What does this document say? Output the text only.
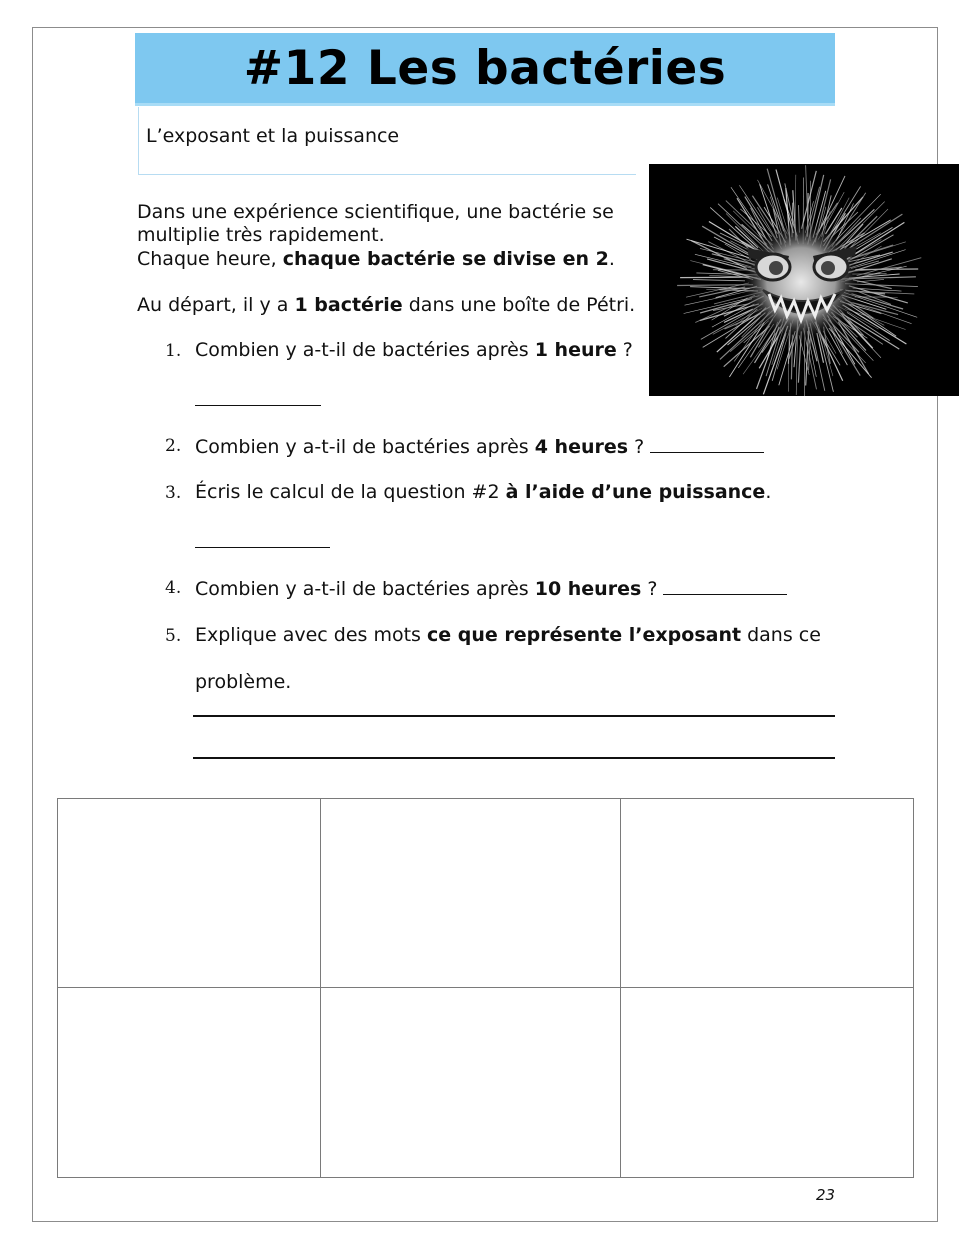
#12 Les bactéries
L’exposant et la puissance
Dans une expérience scientifique, une bactérie se
multiplie très rapidement.
Chaque heure, chaque bactérie se divise en 2.
Au départ, il y a 1 bactérie dans une boîte de Pétri.
1. Combien y a-t-il de bactéries après 1 heure ?
2. Combien y a-t-il de bactéries après 4 heures ?
3. Écris le calcul de la question #2 à l’aide d’une puissance.
4. Combien y a-t-il de bactéries après 10 heures ?
5. Explique avec des mots ce que représente l’exposant dans ce
problème.
23
